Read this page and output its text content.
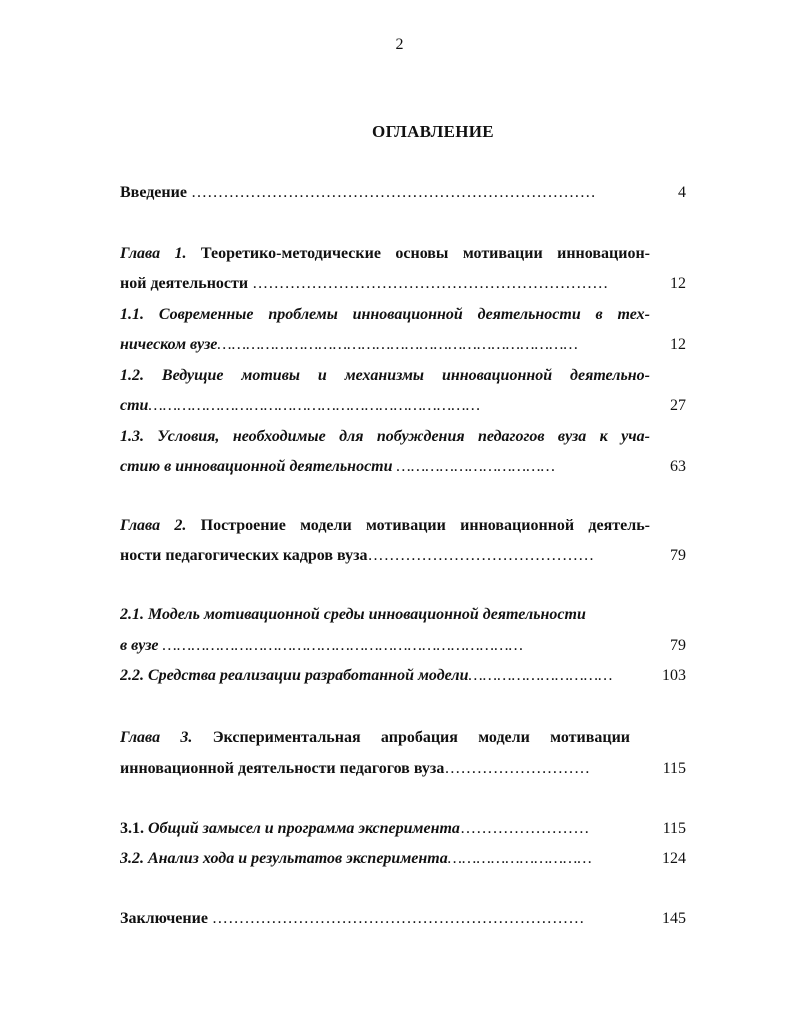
2
ОГЛАВЛЕНИЕ
Введение …………………………………………………………………	4
Глава 1. Теоретико-методические основы мотивации инновацион-
ной деятельности …………………………………………………………	12
1.1. Современные проблемы инновационной деятельности в тех-
ническом вузе…………………………………………………………………	12
1.2. Ведущие мотивы и механизмы инновационной деятельно-
сти……………………………………………………………	27
1.3. Условия, необходимые для побуждения педагогов вуза к уча-
стию в инновационной деятельности ……………………………	63
Глава 2. Построение модели мотивации инновационной деятель-
ности педагогических кадров вуза……………………………………	79
2.1. Модель мотивационной среды инновационной деятельности
в вузе …………………………………………………………………	79
2.2. Средства реализации разработанной модели…………………………	103
Глава 3. Экспериментальная апробация модели мотивации
инновационной деятельности педагогов вуза………………………	115
3.1. Общий замысел и программа эксперимента……………………	115
3.2. Анализ хода и результатов эксперимента…………………………	124
Заключение ……………………………………………………………	145
